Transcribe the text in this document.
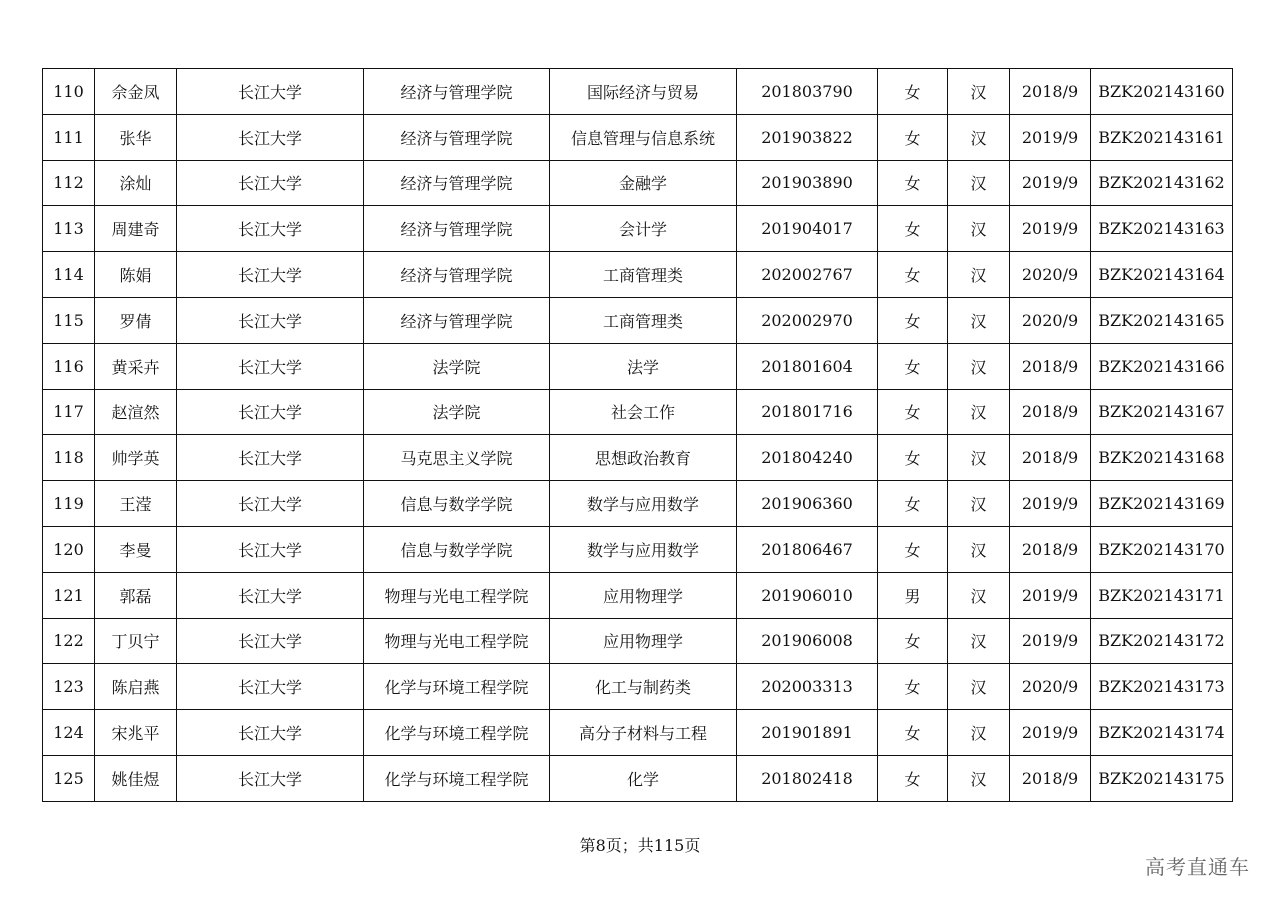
110	佘金凤	长江大学	经济与管理学院	国际经济与贸易	201803790	女	汉	2018/9	BZK202143160
111	张华	长江大学	经济与管理学院	信息管理与信息系统	201903822	女	汉	2019/9	BZK202143161
112	涂灿	长江大学	经济与管理学院	金融学	201903890	女	汉	2019/9	BZK202143162
113	周建奇	长江大学	经济与管理学院	会计学	201904017	女	汉	2019/9	BZK202143163
114	陈娟	长江大学	经济与管理学院	工商管理类	202002767	女	汉	2020/9	BZK202143164
115	罗倩	长江大学	经济与管理学院	工商管理类	202002970	女	汉	2020/9	BZK202143165
116	黄采卉	长江大学	法学院	法学	201801604	女	汉	2018/9	BZK202143166
117	赵渲然	长江大学	法学院	社会工作	201801716	女	汉	2018/9	BZK202143167
118	帅学英	长江大学	马克思主义学院	思想政治教育	201804240	女	汉	2018/9	BZK202143168
119	王滢	长江大学	信息与数学学院	数学与应用数学	201906360	女	汉	2019/9	BZK202143169
120	李曼	长江大学	信息与数学学院	数学与应用数学	201806467	女	汉	2018/9	BZK202143170
121	郭磊	长江大学	物理与光电工程学院	应用物理学	201906010	男	汉	2019/9	BZK202143171
122	丁贝宁	长江大学	物理与光电工程学院	应用物理学	201906008	女	汉	2019/9	BZK202143172
123	陈启燕	长江大学	化学与环境工程学院	化工与制药类	202003313	女	汉	2020/9	BZK202143173
124	宋兆平	长江大学	化学与环境工程学院	高分子材料与工程	201901891	女	汉	2019/9	BZK202143174
125	姚佳煜	长江大学	化学与环境工程学院	化学	201802418	女	汉	2018/9	BZK202143175
第8页；共115页
高考直通车
